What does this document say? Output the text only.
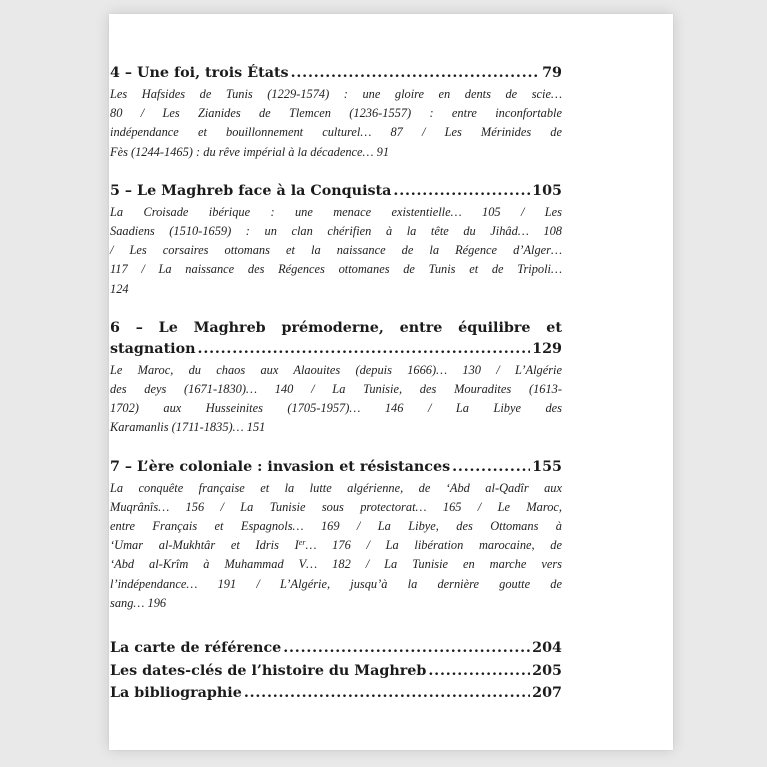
4 – Une foi, trois États .....	79
Les Hafsides de Tunis (1229-1574) : une gloire en dents de scie…
80 / Les Zianides de Tlemcen (1236-1557) : entre inconfortable
indépendance et bouillonnement culturel… 87 / Les Mérinides de
Fès (1244-1465) : du rêve impérial à la décadence… 91
5 – Le Maghreb face à la Conquista .....	105
La Croisade ibérique : une menace existentielle… 105 / Les
Saadiens (1510-1659) : un clan chérifien à la tête du Jihâd… 108
/ Les corsaires ottomans et la naissance de la Régence d’Alger…
117 / La naissance des Régences ottomanes de Tunis et de Tripoli…
124
6 – Le Maghreb prémoderne, entre équilibre et
stagnation .....	129
Le Maroc, du chaos aux Alaouites (depuis 1666)… 130 / L’Algérie
des deys (1671-1830)… 140 / La Tunisie, des Mouradites (1613-
1702) aux Husseinites (1705-1957)… 146 / La Libye des
Karamanlis (1711-1835)… 151
7 – L’ère coloniale : invasion et résistances .....	155
La conquête française et la lutte algérienne, de ‘Abd al-Qadîr aux
Muqrânîs… 156 / La Tunisie sous protectorat… 165 / Le Maroc,
entre Français et Espagnols… 169 / La Libye, des Ottomans à
‘Umar al-Mukhtâr et Idris Ier… 176 / La libération marocaine, de
‘Abd al-Krîm à Muhammad V… 182 / La Tunisie en marche vers
l’indépendance… 191 / L’Algérie, jusqu’à la dernière goutte de
sang… 196
La carte de référence .....	204
Les dates-clés de l’histoire du Maghreb .....	205
La bibliographie .....	207
